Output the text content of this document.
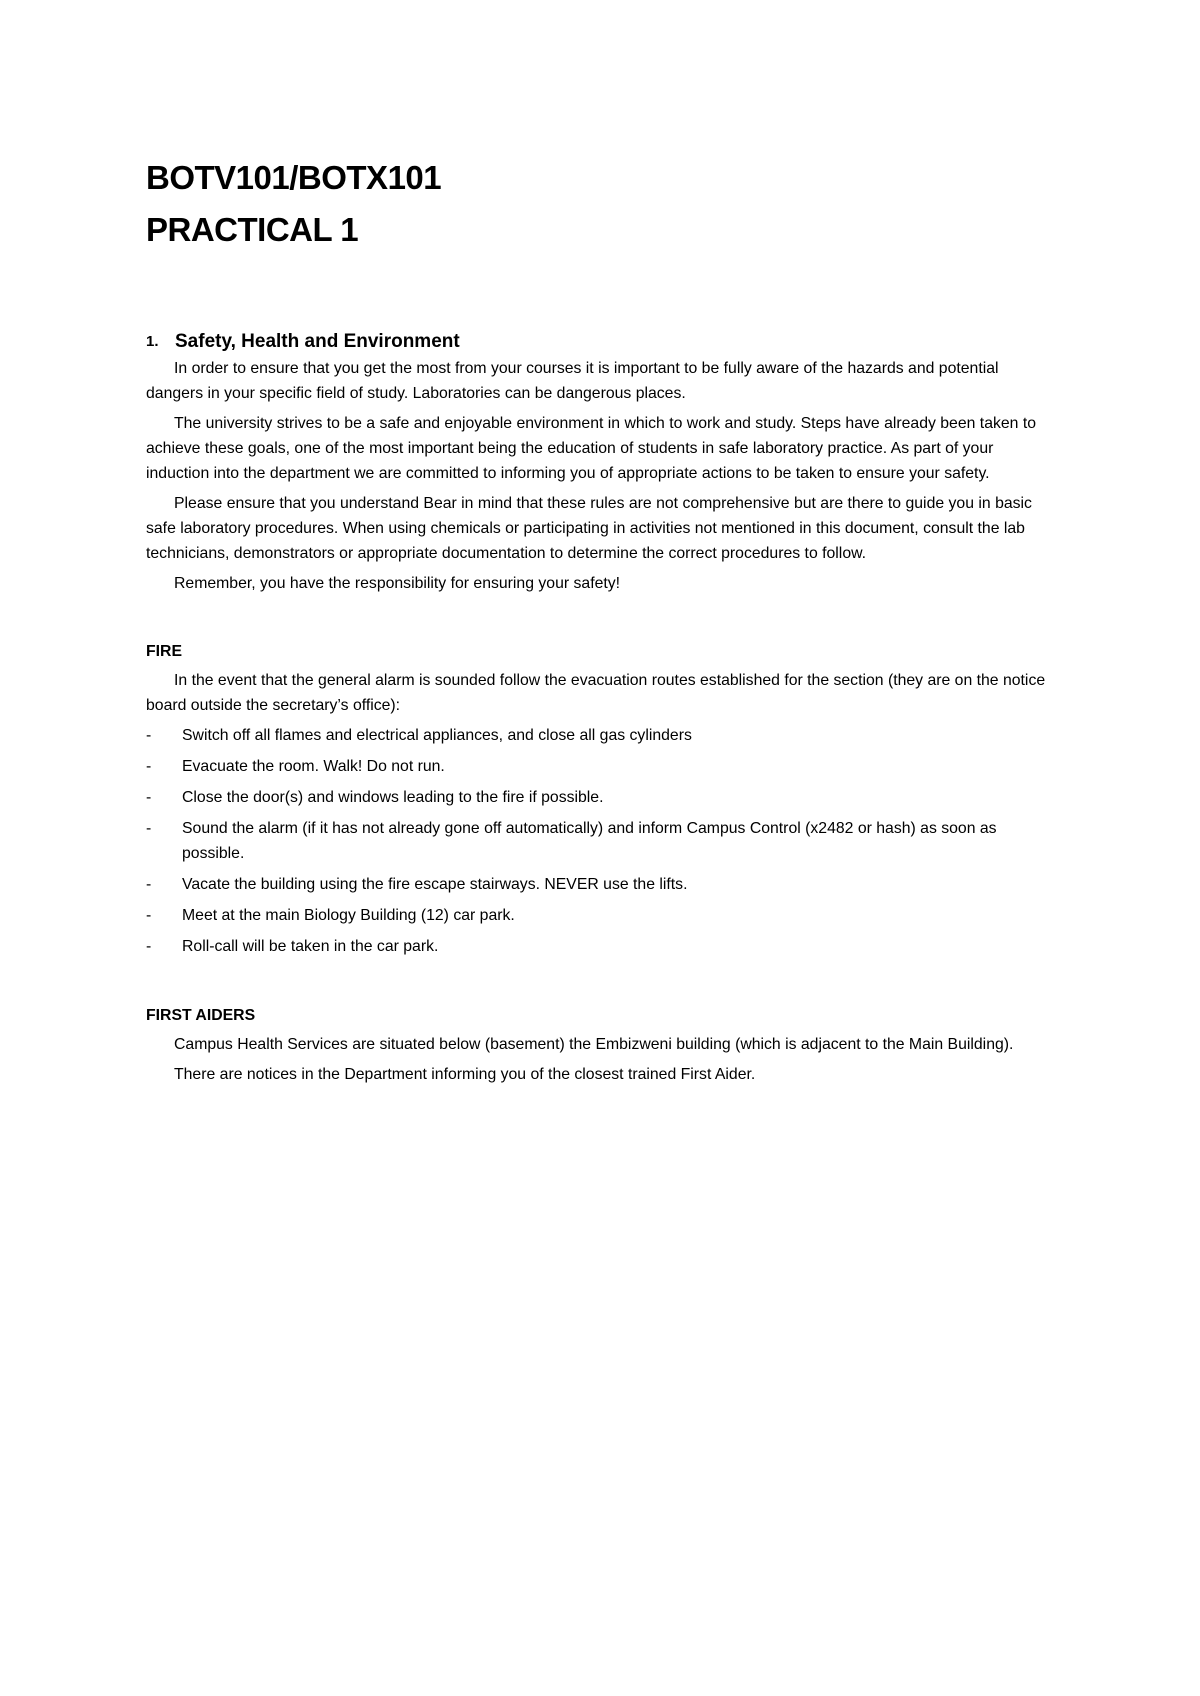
BOTV101/BOTX101
PRACTICAL 1
1. Safety, Health and Environment

In order to ensure that you get the most from your courses it is important to be fully aware of the hazards and potential dangers in your specific field of study. Laboratories can be dangerous places.

The university strives to be a safe and enjoyable environment in which to work and study. Steps have already been taken to achieve these goals, one of the most important being the education of students in safe laboratory practice. As part of your induction into the department we are committed to informing you of appropriate actions to be taken to ensure your safety.

Please ensure that you understand Bear in mind that these rules are not comprehensive but are there to guide you in basic safe laboratory procedures. When using chemicals or participating in activities not mentioned in this document, consult the lab technicians, demonstrators or appropriate documentation to determine the correct procedures to follow.

Remember, you have the responsibility for ensuring your safety!

FIRE

In the event that the general alarm is sounded follow the evacuation routes established for the section (they are on the notice board outside the secretary’s office):

-	Switch off all flames and electrical appliances, and close all gas cylinders
-	Evacuate the room. Walk! Do not run.
-	Close the door(s) and windows leading to the fire if possible.
-	Sound the alarm (if it has not already gone off automatically) and inform Campus Control (x2482 or hash) as soon as possible.
-	Vacate the building using the fire escape stairways. NEVER use the lifts.
-	Meet at the main Biology Building (12) car park.
-	Roll-call will be taken in the car park.
FIRST AIDERS

Campus Health Services are situated below (basement) the Embizweni building (which is adjacent to the Main Building).

There are notices in the Department informing you of the closest trained First Aider.
